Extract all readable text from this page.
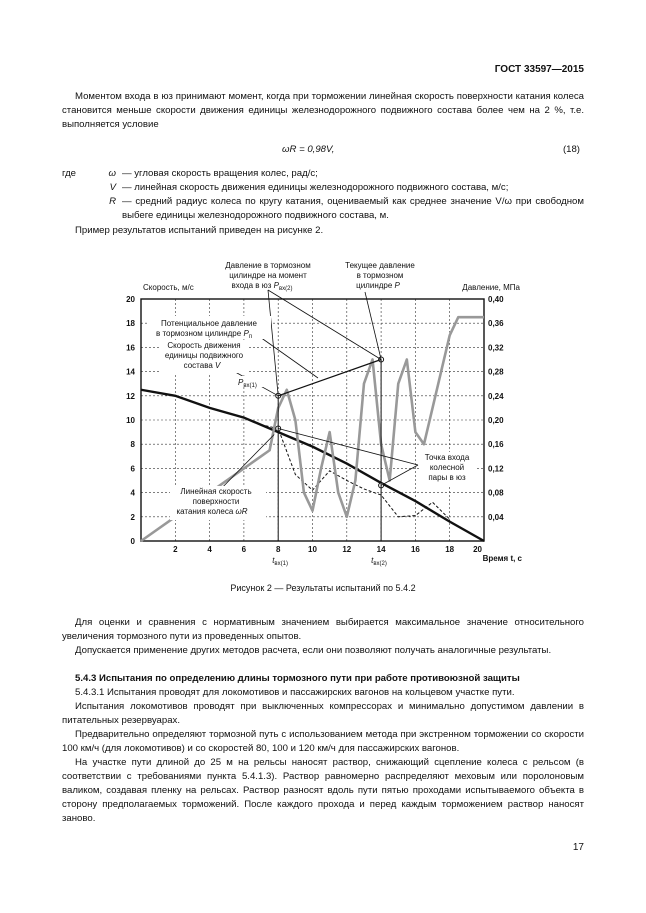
ГОСТ 33597—2015
Моментом входа в юз принимают момент, когда при торможении линейная скорость поверхности катания колеса становится меньше скорости движения единицы железнодорожного подвижного состава более чем на 2 %, т.е. выполняется условие
ωR = 0,98V,	(18)
где	ω — угловая скорость вращения колес, рад/с;
V — линейная скорость движения единицы железнодорожного подвижного состава, м/с;
R — средний радиус колеса по кругу катания, оцениваемый как среднее значение V/ω при свободном выбеге единицы железнодорожного подвижного состава, м.
Пример результатов испытаний приведен на рисунке 2.
Скорость, м/с	Давление, МПа
Время t, с
2	4	6	8	10	12	14	16	18 20
0
2
4
6
8
10
12
14
16
18
20
0,04
0,08
0,12
0,16
0,20
0,24
0,28
0,32
0,36
0,40
Давление в тормозном
цилиндре на момент
входа в юз $P_{вх(2)}$
Текущее давление
в тормозном
цилиндре P
Потенциальное давление
в тормозном цилиндре $P_п$
Скорость движения
единицы подвижного
состава V
$P_{вх(1)}$
Точка входа
колесной
пары в юз
Линейная скорость
поверхности
катания колеса ωR
$t_{вх(1)}$	$t_{вх(2)}$
Рисунок 2 — Результаты испытаний по 5.4.2
Для оценки и сравнения с нормативным значением выбирается максимальное значение относительного увеличения тормозного пути из проведенных опытов.
Допускается применение других методов расчета, если они позволяют получать аналогичные результаты.
5.4.3 Испытания по определению длины тормозного пути при работе противоюзной защиты
5.4.3.1 Испытания проводят для локомотивов и пассажирских вагонов на кольцевом участке пути.
Испытания локомотивов проводят при выключенных компрессорах и минимально допустимом давлении в питательных резервуарах.
Предварительно определяют тормозной путь с использованием метода при экстренном торможении со скорости 100 км/ч (для локомотивов) и со скоростей 80, 100 и 120 км/ч для пассажирских вагонов.
На участке пути длиной до 25 м на рельсы наносят раствор, снижающий сцепление колеса с рельсом (в соответствии с требованиями пункта 5.4.1.3). Раствор равномерно распределяют меховым или поролоновым валиком, создавая пленку на рельсах. Раствор разносят вдоль пути пятью проходами испытываемого объекта в сторону предполагаемых торможений. После каждого прохода и перед каждым торможением раствор наносят заново.
17
